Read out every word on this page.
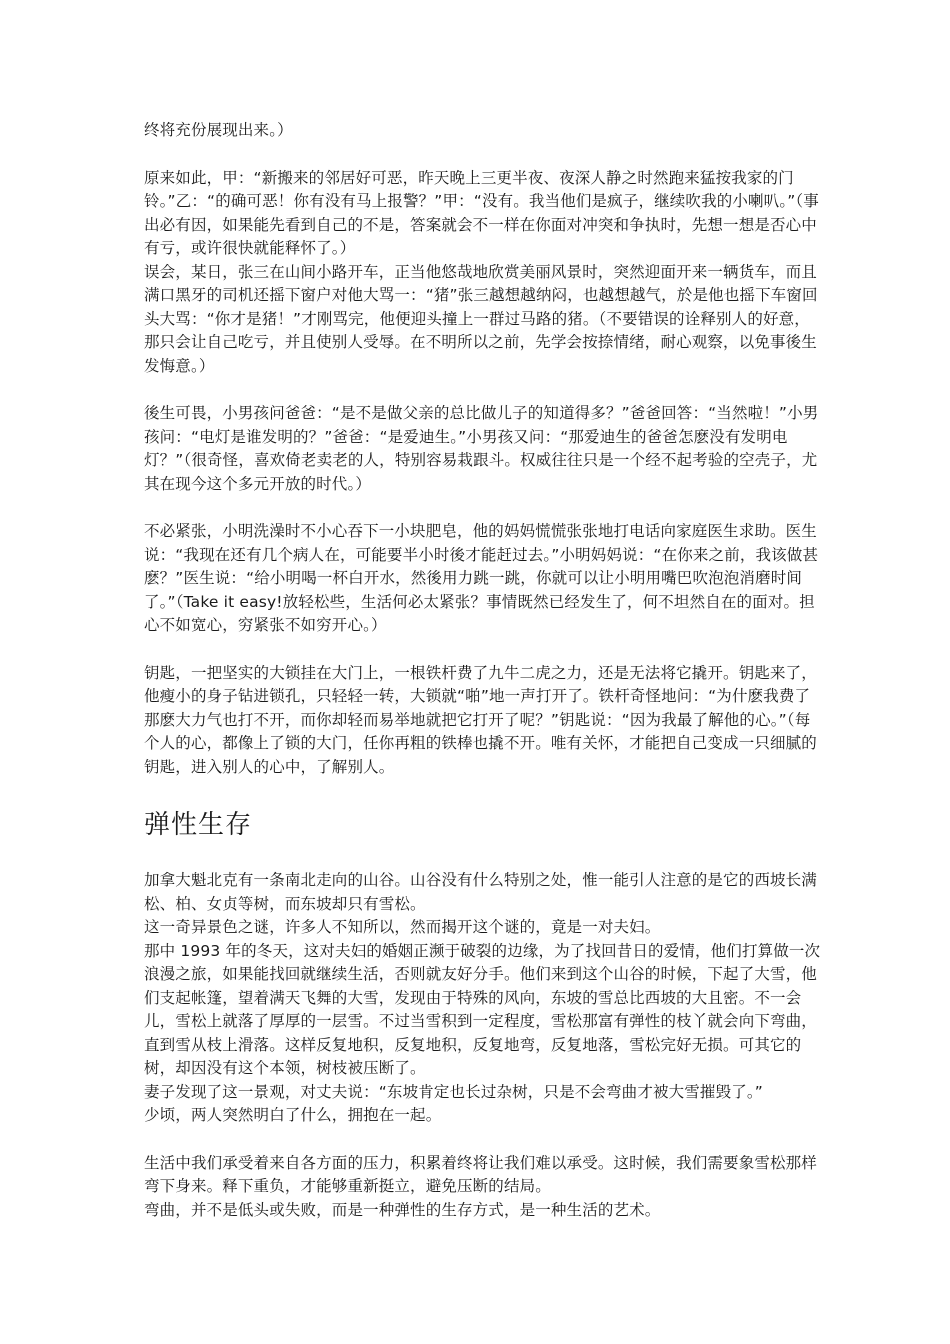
终将充份展现出来。）

原来如此，甲：“新搬来的邻居好可恶，昨天晚上三更半夜、夜深人静之时然跑来猛按我家的门铃。”乙：“的确可恶！你有没有马上报警？”甲：“没有。我当他们是疯子，继续吹我的小喇叭。”（事出必有因，如果能先看到自己的不是，答案就会不一样在你面对冲突和争执时，先想一想是否心中有亏，或许很快就能释怀了。）

误会，某日，张三在山间小路开车，正当他悠哉地欣赏美丽风景时，突然迎面开来一辆货车，而且满口黑牙的司机还摇下窗户对他大骂一：“猪”张三越想越纳闷，也越想越气，於是他也摇下车窗回头大骂：“你才是猪！”才刚骂完，他便迎头撞上一群过马路的猪。（不要错误的诠释别人的好意，那只会让自己吃亏，并且使别人受辱。在不明所以之前，先学会按捺情绪，耐心观察，以免事後生发悔意。）

後生可畏，小男孩问爸爸：“是不是做父亲的总比做儿子的知道得多？”爸爸回答：“当然啦！”小男孩问：“电灯是谁发明的？”爸爸：“是爱迪生。”小男孩又问：“那爱迪生的爸爸怎麽没有发明电灯？”（很奇怪，喜欢倚老卖老的人，特别容易栽跟斗。权威往往只是一个经不起考验的空壳子，尤其在现今这个多元开放的时代。）

不必紧张，小明洗澡时不小心吞下一小块肥皂，他的妈妈慌慌张张地打电话向家庭医生求助。医生说：“我现在还有几个病人在，可能要半小时後才能赶过去。”小明妈妈说：“在你来之前，我该做甚麽？”医生说：“给小明喝一杯白开水，然後用力跳一跳，你就可以让小明用嘴巴吹泡泡消磨时间了。”（Take it easy!放轻松些，生活何必太紧张？事情既然已经发生了，何不坦然自在的面对。担心不如宽心，穷紧张不如穷开心。）

钥匙，一把坚实的大锁挂在大门上，一根铁杆费了九牛二虎之力，还是无法将它撬开。钥匙来了，他瘦小的身子钻进锁孔，只轻轻一转，大锁就“啪”地一声打开了。铁杆奇怪地问：“为什麽我费了那麽大力气也打不开，而你却轻而易举地就把它打开了呢？”钥匙说：“因为我最了解他的心。”（每个人的心，都像上了锁的大门，任你再粗的铁棒也撬不开。唯有关怀，才能把自己变成一只细腻的钥匙，进入别人的心中，了解别人。

弹性生存

加拿大魁北克有一条南北走向的山谷。山谷没有什么特别之处，惟一能引人注意的是它的西坡长满松、柏、女贞等树，而东坡却只有雪松。

这一奇异景色之谜，许多人不知所以，然而揭开这个谜的，竟是一对夫妇。

那中 1993 年的冬天，这对夫妇的婚姻正濒于破裂的边缘，为了找回昔日的爱情，他们打算做一次浪漫之旅，如果能找回就继续生活，否则就友好分手。他们来到这个山谷的时候，下起了大雪，他们支起帐篷，望着满天飞舞的大雪，发现由于特殊的风向，东坡的雪总比西坡的大且密。不一会儿，雪松上就落了厚厚的一层雪。不过当雪积到一定程度，雪松那富有弹性的枝丫就会向下弯曲，直到雪从枝上滑落。这样反复地积，反复地积，反复地弯，反复地落，雪松完好无损。可其它的树，却因没有这个本领，树枝被压断了。

妻子发现了这一景观，对丈夫说：“东坡肯定也长过杂树，只是不会弯曲才被大雪摧毁了。”

少顷，两人突然明白了什么，拥抱在一起。

生活中我们承受着来自各方面的压力，积累着终将让我们难以承受。这时候，我们需要象雪松那样弯下身来。释下重负，才能够重新挺立，避免压断的结局。

弯曲，并不是低头或失败，而是一种弹性的生存方式，是一种生活的艺术。
